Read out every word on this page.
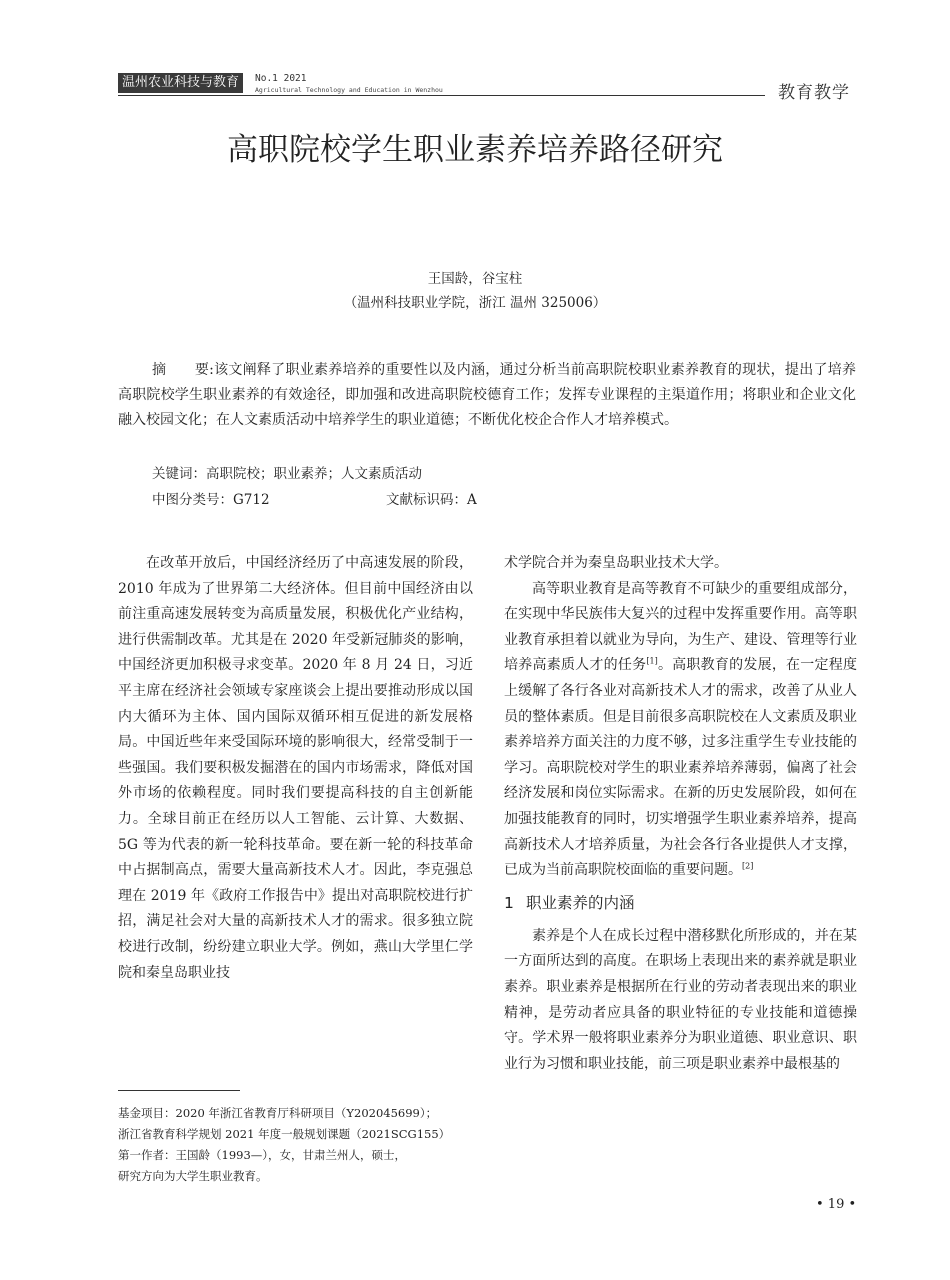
温州农业科技与教育	No.1 2021
Agricultural Technology and Education in Wenzhou	教育教学
高职院校学生职业素养培养路径研究
王国龄，谷宝柱
（温州科技职业学院，浙江 温州 325006）
摘　　要:该文阐释了职业素养培养的重要性以及内涵，通过分析当前高职院校职业素养教育的现状，提出了培养高职院校学生职业素养的有效途径，即加强和改进高职院校德育工作；发挥专业课程的主渠道作用；将职业和企业文化融入校园文化；在人文素质活动中培养学生的职业道德；不断优化校企合作人才培养模式。
关键词：高职院校；职业素养；人文素质活动
中图分类号：G712	文献标识码：A

在改革开放后，中国经济经历了中高速发展的阶段，2010 年成为了世界第二大经济体。但目前中国经济由以前注重高速发展转变为高质量发展，积极优化产业结构，进行供需制改革。尤其是在 2020 年受新冠肺炎的影响，中国经济更加积极寻求变革。2020 年 8 月 24 日，习近平主席在经济社会领域专家座谈会上提出要推动形成以国内大循环为主体、国内国际双循环相互促进的新发展格局。中国近些年来受国际环境的影响很大，经常受制于一些强国。我们要积极发掘潜在的国内市场需求，降低对国外市场的依赖程度。同时我们要提高科技的自主创新能力。全球目前正在经历以人工智能、云计算、大数据、5G 等为代表的新一轮科技革命。要在新一轮的科技革命中占据制高点，需要大量高新技术人才。因此，李克强总理在 2019 年《政府工作报告中》提出对高职院校进行扩招，满足社会对大量的高新技术人才的需求。很多独立院校进行改制，纷纷建立职业大学。例如，燕山大学里仁学院和秦皇岛职业技

术学院合并为秦皇岛职业技术大学。

高等职业教育是高等教育不可缺少的重要组成部分，在实现中华民族伟大复兴的过程中发挥重要作用。高等职业教育承担着以就业为导向，为生产、建设、管理等行业培养高素质人才的任务[1]。高职教育的发展，在一定程度上缓解了各行各业对高新技术人才的需求，改善了从业人员的整体素质。但是目前很多高职院校在人文素质及职业素养培养方面关注的力度不够，过多注重学生专业技能的学习。高职院校对学生的职业素养培养薄弱，偏离了社会经济发展和岗位实际需求。在新的历史发展阶段，如何在加强技能教育的同时，切实增强学生职业素养培养，提高高新技术人才培养质量，为社会各行各业提供人才支撑，已成为当前高职院校面临的重要问题。[2]

1 职业素养的内涵

素养是个人在成长过程中潜移默化所形成的，并在某一方面所达到的高度。在职场上表现出来的素养就是职业素养。职业素养是根据所在行业的劳动者表现出来的职业精神，是劳动者应具备的职业特征的专业技能和道德操守。学术界一般将职业素养分为职业道德、职业意识、职业行为习惯和职业技能，前三项是职业素养中最根基的

基金项目：2020 年浙江省教育厅科研项目（Y202045699）；
浙江省教育科学规划 2021 年度一般规划课题（2021SCG155）
第一作者：王国龄（1993—），女，甘肃兰州人，硕士，
研究方向为大学生职业教育。
• 19 •
